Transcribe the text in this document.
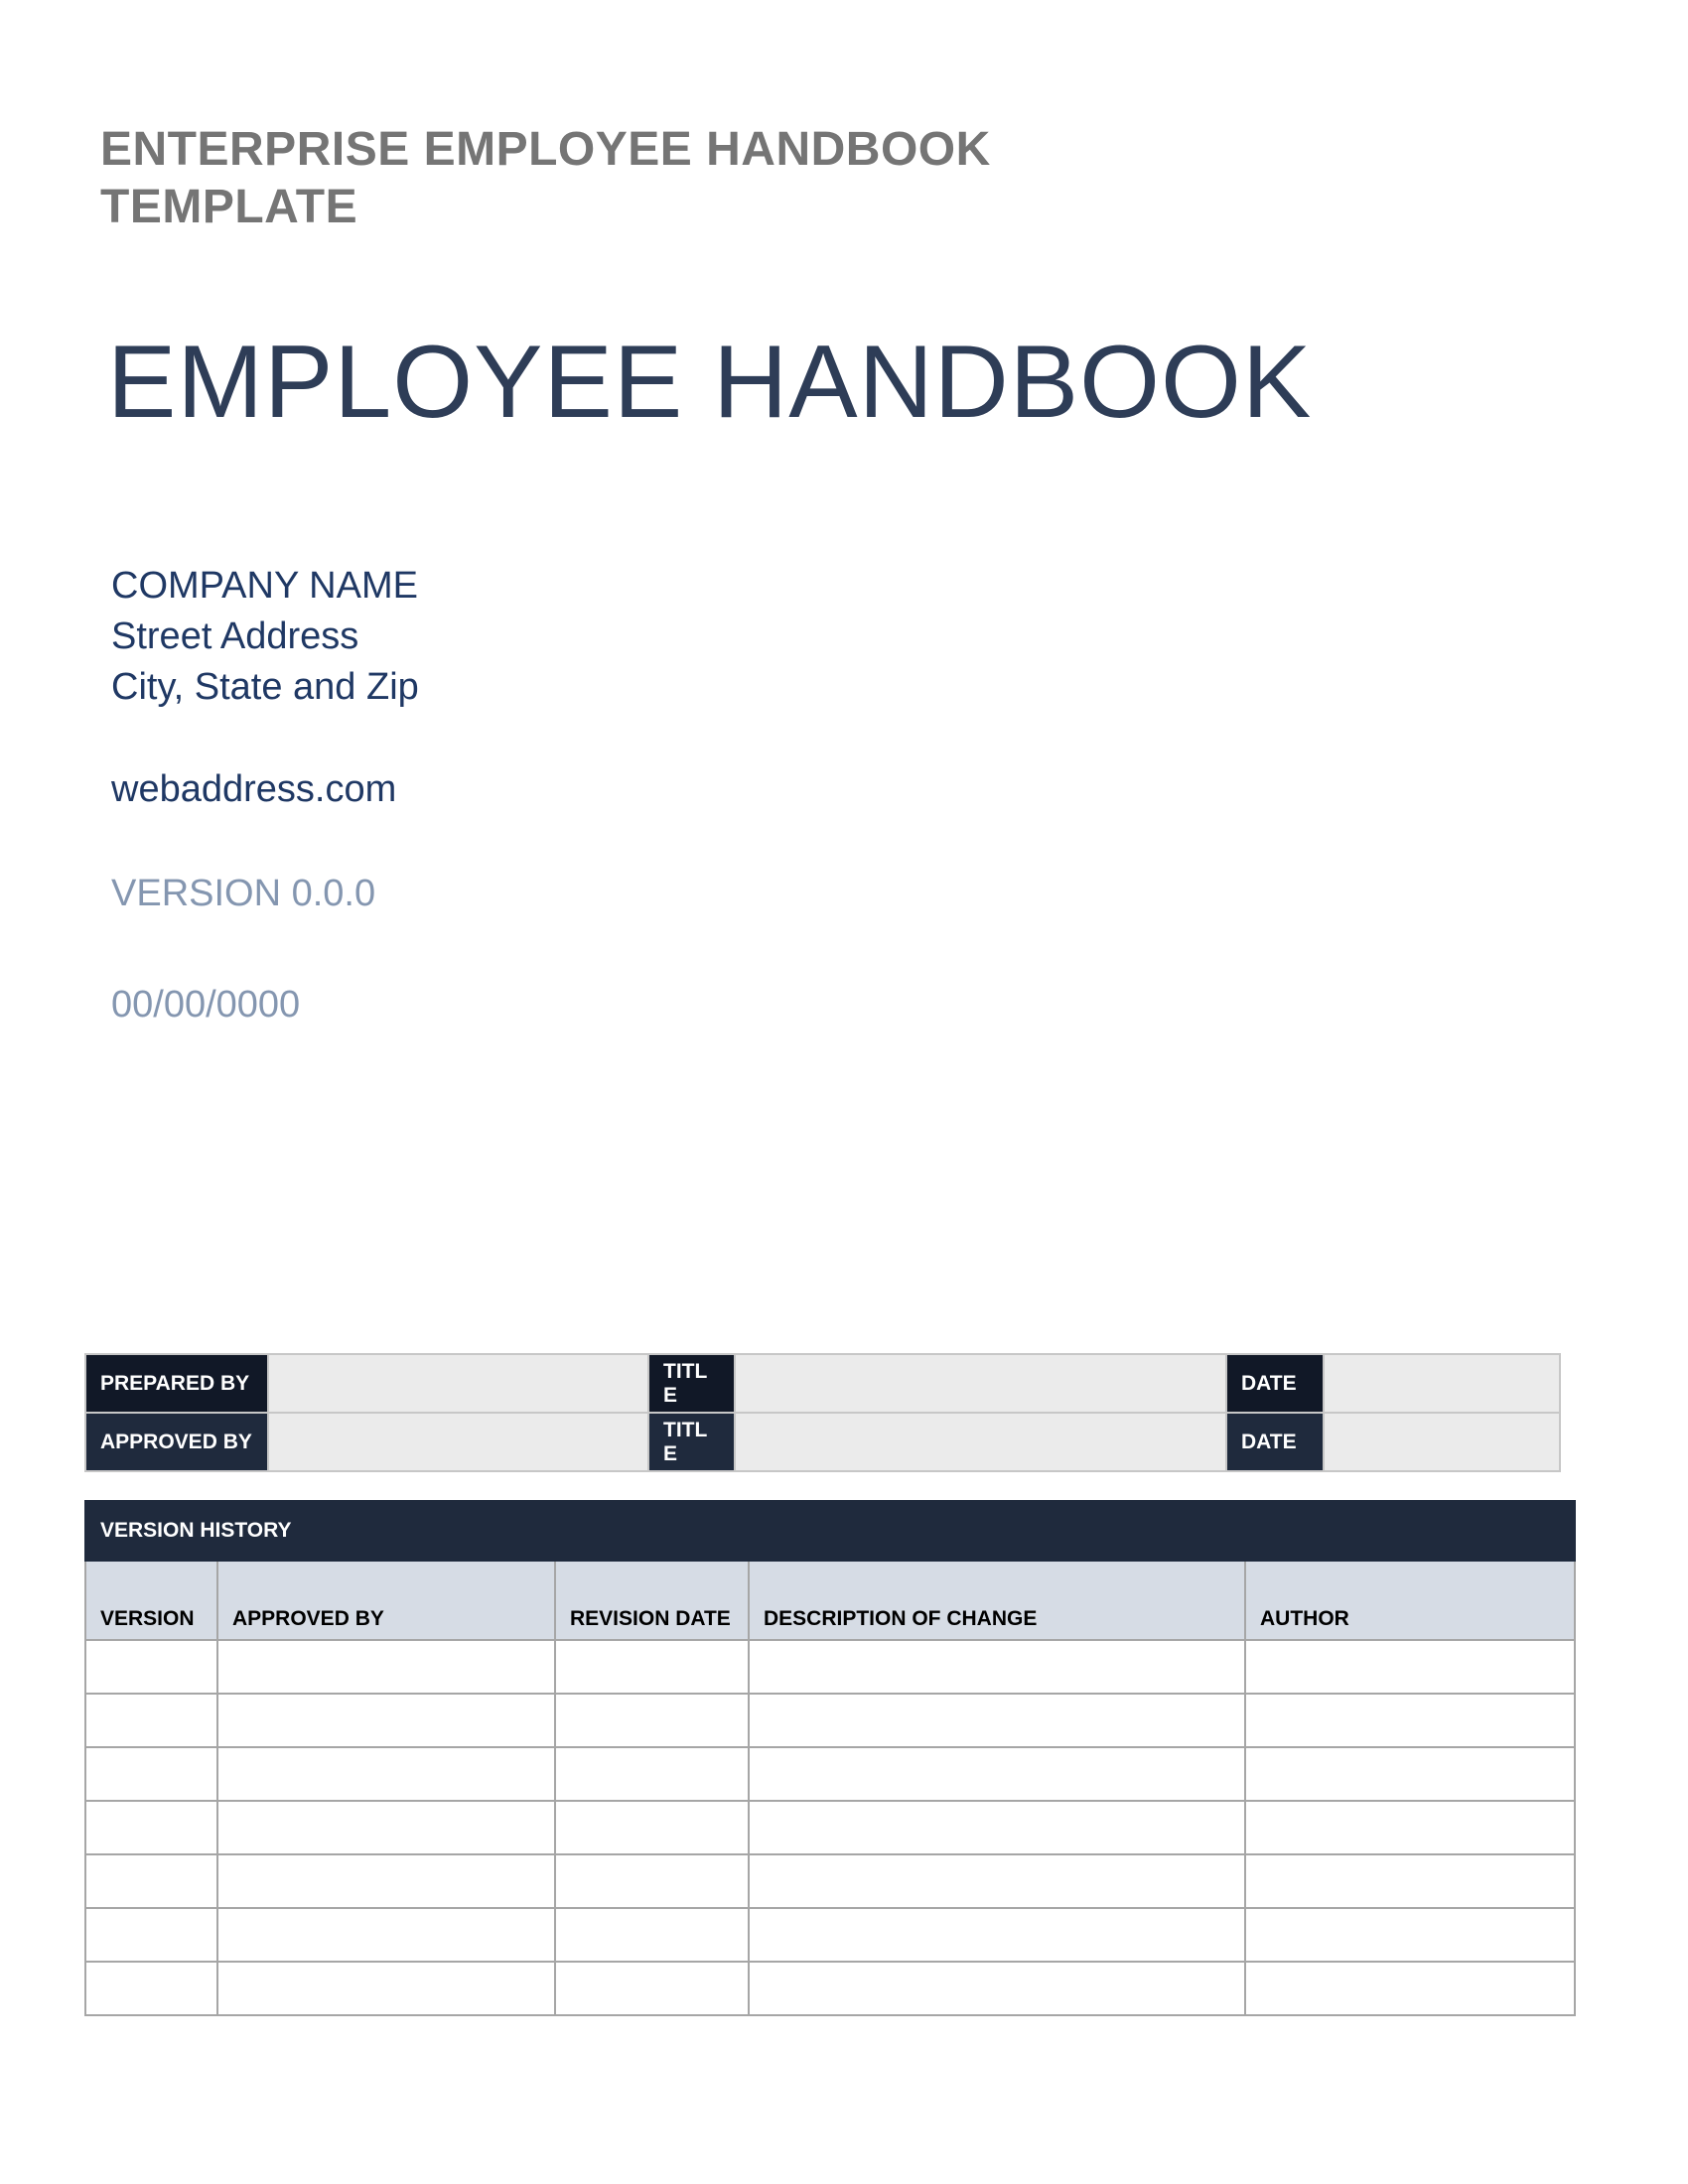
ENTERPRISE EMPLOYEE HANDBOOK TEMPLATE
EMPLOYEE HANDBOOK
COMPANY NAME
Street Address
City, State and Zip
webaddress.com
VERSION 0.0.0
00/00/0000
PREPARED BY		TITLE		DATE	
APPROVED BY		TITLE		DATE	
VERSION HISTORY				
VERSION	APPROVED BY	REVISION DATE	DESCRIPTION OF CHANGE	AUTHOR
